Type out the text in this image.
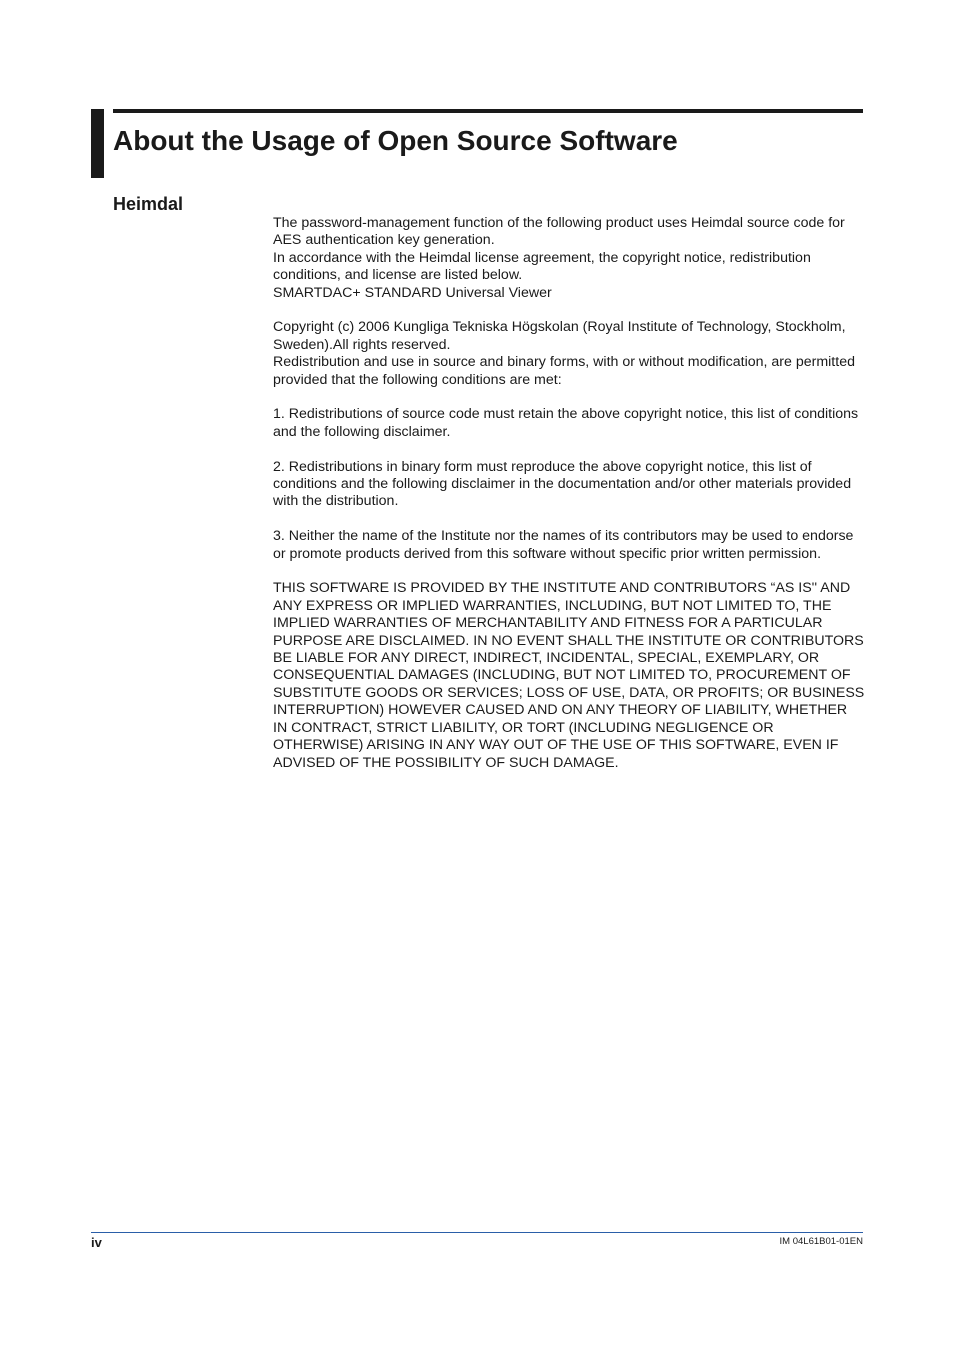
About the Usage of Open Source Software
Heimdal

The password-management function of the following product uses Heimdal source code for AES authentication key generation.

In accordance with the Heimdal license agreement, the copyright notice, redistribution conditions, and license are listed below.

SMARTDAC+ STANDARD Universal Viewer

Copyright (c) 2006 Kungliga Tekniska Högskolan (Royal Institute of Technology, Stockholm, Sweden).All rights reserved.

Redistribution and use in source and binary forms, with or without modification, are permitted provided that the following conditions are met:

1. Redistributions of source code must retain the above copyright notice, this list of conditions and the following disclaimer.

2. Redistributions in binary form must reproduce the above copyright notice, this list of conditions and the following disclaimer in the documentation and/or other materials provided with the distribution.

3. Neither the name of the Institute nor the names of its contributors may be used to endorse or promote products derived from this software without specific prior written permission.

THIS SOFTWARE IS PROVIDED BY THE INSTITUTE AND CONTRIBUTORS “AS IS'' AND ANY EXPRESS OR IMPLIED WARRANTIES, INCLUDING, BUT NOT LIMITED TO, THE IMPLIED WARRANTIES OF MERCHANTABILITY AND FITNESS FOR A PARTICULAR PURPOSE ARE DISCLAIMED. IN NO EVENT SHALL THE INSTITUTE OR CONTRIBUTORS BE LIABLE FOR ANY DIRECT, INDIRECT, INCIDENTAL, SPECIAL, EXEMPLARY, OR CONSEQUENTIAL DAMAGES (INCLUDING, BUT NOT LIMITED TO, PROCUREMENT OF SUBSTITUTE GOODS OR SERVICES; LOSS OF USE, DATA, OR PROFITS; OR BUSINESS INTERRUPTION) HOWEVER CAUSED AND ON ANY THEORY OF LIABILITY, WHETHER IN CONTRACT, STRICT LIABILITY, OR TORT (INCLUDING NEGLIGENCE OR OTHERWISE) ARISING IN ANY WAY OUT OF THE USE OF THIS SOFTWARE, EVEN IF ADVISED OF THE POSSIBILITY OF SUCH DAMAGE.

iv	IM 04L61B01-01EN
